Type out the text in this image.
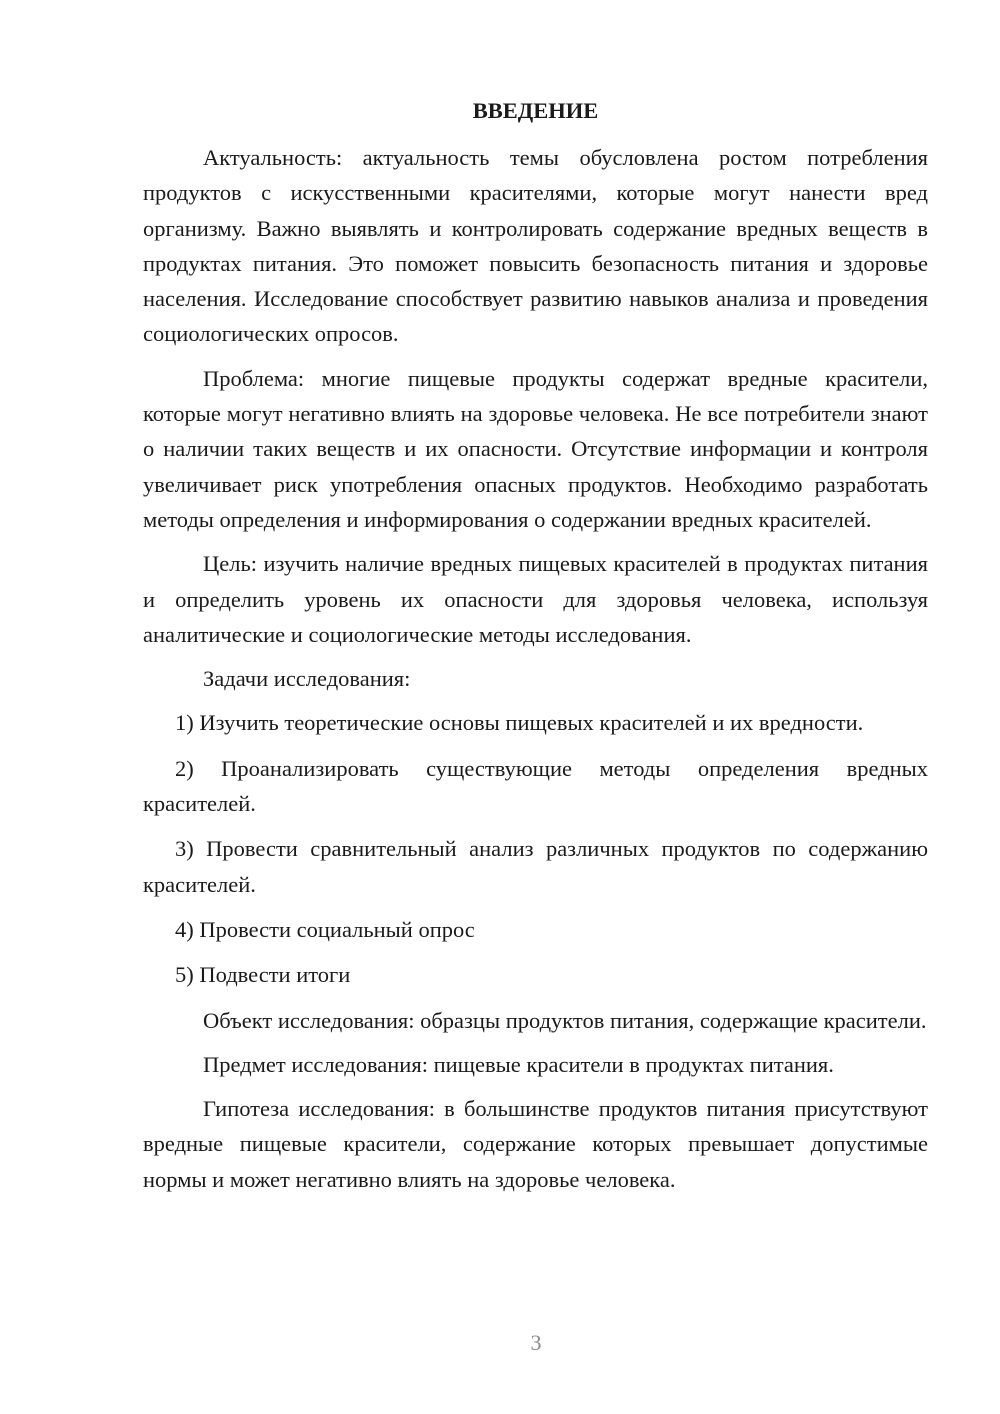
ВВЕДЕНИЕ
Актуальность: актуальность темы обусловлена ростом потребления продуктов с искусственными красителями, которые могут нанести вред организму. Важно выявлять и контролировать содержание вредных веществ в продуктах питания. Это поможет повысить безопасность питания и здоровье населения. Исследование способствует развитию навыков анализа и проведения социологических опросов.
Проблема: многие пищевые продукты содержат вредные красители, которые могут негативно влиять на здоровье человека. Не все потребители знают о наличии таких веществ и их опасности. Отсутствие информации и контроля увеличивает риск употребления опасных продуктов. Необходимо разработать методы определения и информирования о содержании вредных красителей.
Цель: изучить наличие вредных пищевых красителей в продуктах питания и определить уровень их опасности для здоровья человека, используя аналитические и социологические методы исследования.
Задачи исследования:
1) Изучить теоретические основы пищевых красителей и их вредности.
2) Проанализировать существующие методы определения вредных красителей.
3) Провести сравнительный анализ различных продуктов по содержанию красителей.
4) Провести социальный опрос
5) Подвести итоги
Объект исследования: образцы продуктов питания, содержащие красители.
Предмет исследования: пищевые красители в продуктах питания.
Гипотеза исследования: в большинстве продуктов питания присутствуют вредные пищевые красители, содержание которых превышает допустимые нормы и может негативно влиять на здоровье человека.
3
